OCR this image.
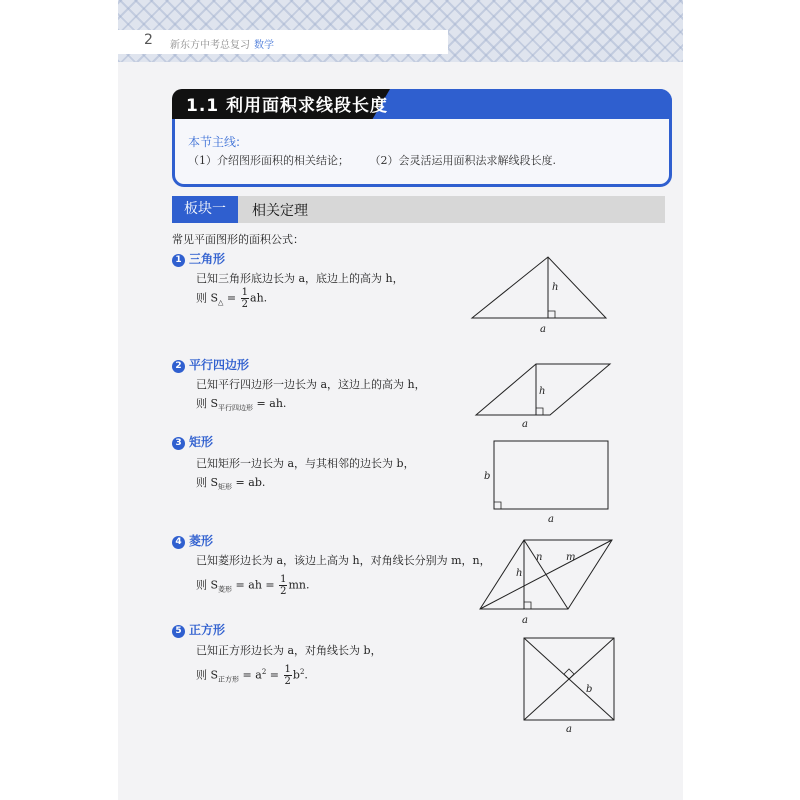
2 新东方中考总复习 数学
1.1 利用面积求线段长度
本节主线:
（1）介绍图形面积的相关结论； （2）会灵活运用面积法求解线段长度.
板块一	相关定理
常见平面图形的面积公式：
1 三角形
已知三角形底边长为 a，底边上的高为 h，
则 $S_\triangle = \frac{1}{2}$ ah.
h
a
2 平行四边形
已知平行四边形一边长为 a，这边上的高为 h，
则 $S_{平行四边形}$ = ah.
h
a
3 矩形
已知矩形一边长为 a，与其相邻的边长为 b，
则 $S_{矩形}$ = ab.	b
a
4 菱形
已知菱形边长为 a，该边上高为 h，对角线长分别为 m，n，
则 $S_{菱形}$ = ah = $\frac{1}{2}$ mn.
n m
h
a
5 正方形
已知正方形边长为 a，对角线长为 b，
则 $S_{正方形} = a^2 = \frac{1}{2} b^2$.
b
a
